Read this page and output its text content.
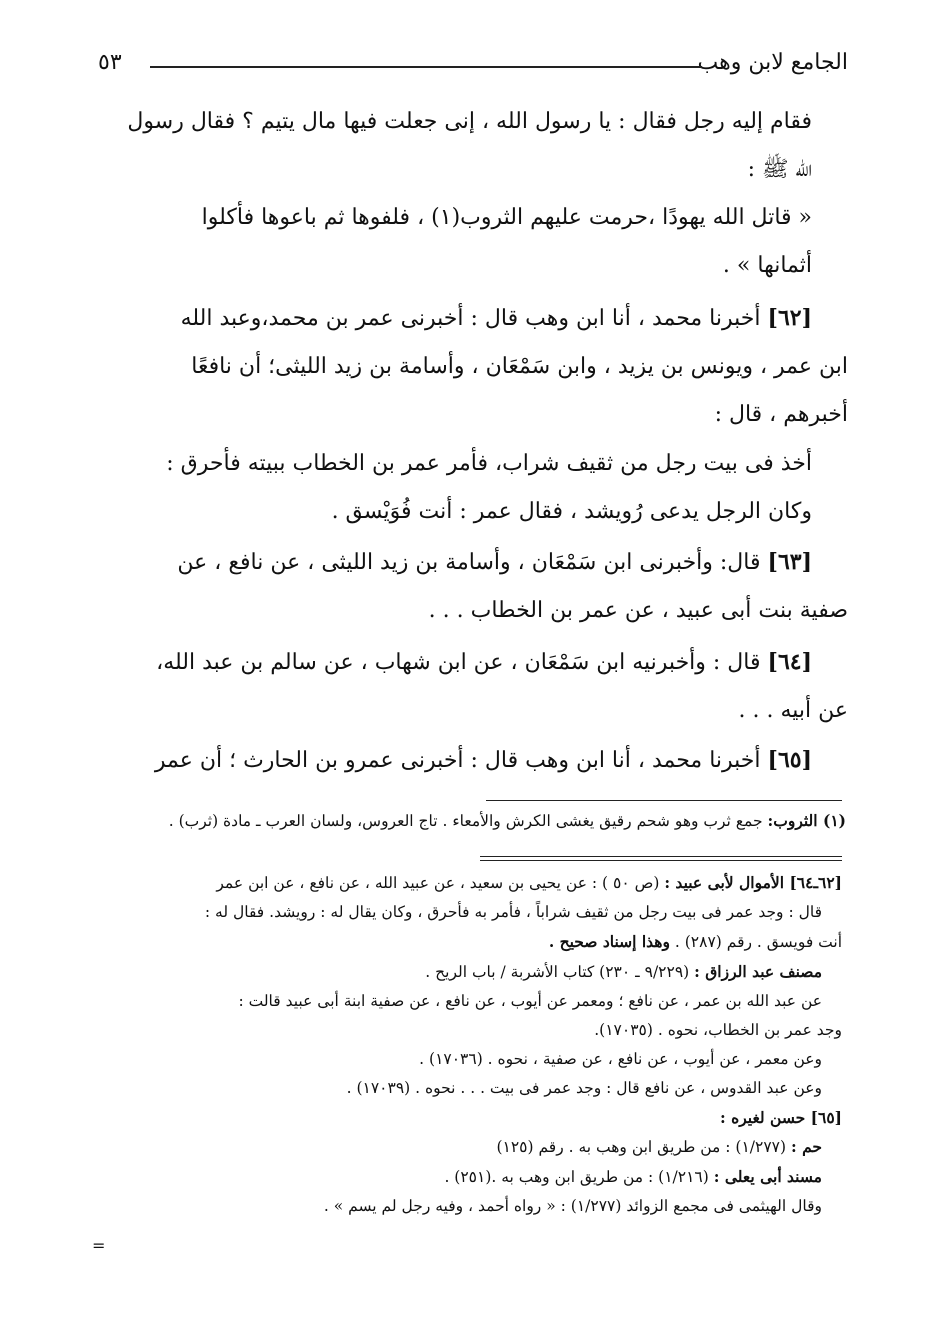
الجامع لابن وهب
٥٣
فقام إليه رجل فقال : يا رسول الله ، إنى جعلت فيها مال يتيم ؟ فقال رسول
الله ﷺ :
« قاتل الله يهودًا ،حرمت عليهم الثروب(١) ، فلفوها ثم باعوها فأكلوا
أثمانها » .
[٦٢] أخبرنا محمد ، أنا ابن وهب قال : أخبرنى عمر بن محمد،وعبد الله
ابن عمر ، ويونس بن يزيد ، وابن سَمْعَان ، وأسامة بن زيد الليثى؛ أن نافعًا
أخبرهم ، قال :
أخذ فى بيت رجل من ثقيف شراب، فأمر عمر بن الخطاب ببيته فأحرق :
وكان الرجل يدعى رُويشد ، فقال عمر : أنت فُوَيْسق .
[٦٣] قال: وأخبرنى ابن سَمْعَان ، وأسامة بن زيد الليثى ، عن نافع ، عن
صفية بنت أبى عبيد ، عن عمر بن الخطاب . . .
[٦٤] قال : وأخبرنيه ابن سَمْعَان ، عن ابن شهاب ، عن سالم بن عبد الله،
عن أبيه . . .
[٦٥] أخبرنا محمد ، أنا ابن وهب قال : أخبرنى عمرو بن الحارث ؛ أن عمر
(١) الثروب: جمع ثرب وهو شحم رقيق يغشى الكرش والأمعاء . تاج العروس، ولسان العرب ـ مادة (ثرب) .
[٦٢ـ٦٤] الأموال لأبى عبيد : (ص ٥٠ ) : عن يحيى بن سعيد ، عن عبيد الله ، عن نافع ، عن ابن عمر
قال : وجد عمر فى بيت رجل من ثقيف شراباً ، فأمر به فأحرق ، وكان يقال له : رويشد. فقال له :
أنت فويسق . رقم (٢٨٧) . وهذا إسناد صحيح .
مصنف عبد الرزاق : (٩/٢٢٩ ـ ٢٣٠) كتاب الأشربة / باب الريح .
عن عبد الله بن عمر ، عن نافع ؛ ومعمر عن أيوب ، عن نافع ، عن صفية ابنة أبى عبيد قالت :
وجد عمر بن الخطاب، نحوه . (١٧٠٣٥).
وعن معمر ، عن أيوب ، عن نافع ، عن صفية ، نحوه . (١٧٠٣٦) .
وعن عبد القدوس ، عن نافع قال : وجد عمر فى بيت . . . نحوه . (١٧٠٣٩) .
[٦٥] حسن لغيره :
حم : (١/٢٧٧) : من طريق ابن وهب به . رقم (١٢٥)
مسند أبى يعلى : (١/٢١٦) : من طريق ابن وهب به .(٢٥١) .
وقال الهيثمى فى مجمع الزوائد (١/٢٧٧) : « رواه أحمد ، وفيه رجل لم يسم » .
=
